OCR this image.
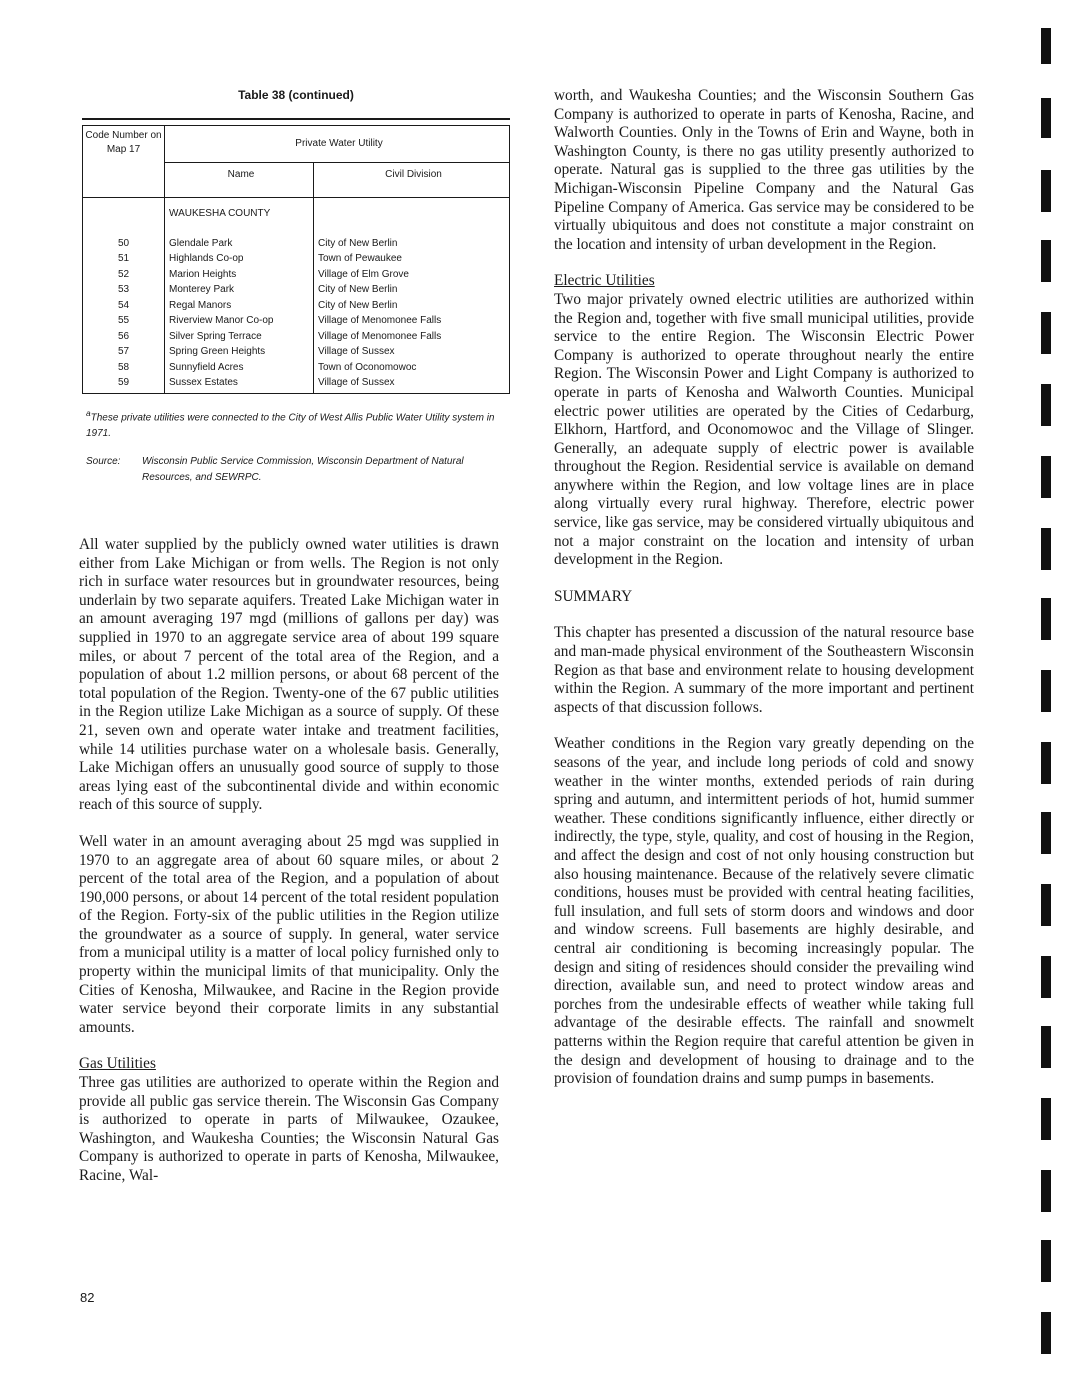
Table 38 (continued)
Code Number on Map 17	Private Water Utility	
	Name	Civil Division
	WAUKESHA COUNTY	
50	Glendale Park	City of New Berlin
51	Highlands Co-op	Town of Pewaukee
52	Marion Heights	Village of Elm Grove
53	Monterey Park	City of New Berlin
54	Regal Manors	City of New Berlin
55	Riverview Manor Co-op	Village of Menomonee Falls
56	Silver Spring Terrace	Village of Menomonee Falls
57	Spring Green Heights	Village of Sussex
58	Sunnyfield Acres	Town of Oconomowoc
59	Sussex Estates	Village of Sussex
$^a$These private utilities were connected to the City of West Allis Public Water Utility system in 1971.
Source:	Wisconsin Public Service Commission, Wisconsin Department of Natural Resources, and SEWRPC.

All water supplied by the publicly owned water utilities is drawn either from Lake Michigan or from wells. The Region is not only rich in surface water resources but in groundwater resources, being underlain by two separate aquifers. Treated Lake Michigan water in an amount averaging 197 mgd (millions of gallons per day) was supplied in 1970 to an aggregate service area of about 199 square miles, or about 7 percent of the total area of the Region, and a population of about 1.2 million persons, or about 68 percent of the total population of the Region. Twenty-one of the 67 public utilities in the Region utilize Lake Michigan as a source of supply. Of these 21, seven own and operate water intake and treatment facilities, while 14 utilities purchase water on a wholesale basis. Generally, Lake Michigan offers an unusually good source of supply to those areas lying east of the subcontinental divide and within economic reach of this source of supply.

Well water in an amount averaging about 25 mgd was supplied in 1970 to an aggregate area of about 60 square miles, or about 2 percent of the total area of the Region, and a population of about 190,000 persons, or about 14 percent of the total resident population of the Region. Forty-six of the public utilities in the Region utilize the groundwater as a source of supply. In general, water service from a municipal utility is a matter of local policy furnished only to property within the municipal limits of that municipality. Only the Cities of Kenosha, Milwaukee, and Racine in the Region provide water service beyond their corporate limits in any substantial amounts.

Gas Utilities

Three gas utilities are authorized to operate within the Region and provide all public gas service therein. The Wisconsin Gas Company is authorized to operate in parts of Milwaukee, Ozaukee, Washington, and Waukesha Counties; the Wisconsin Natural Gas Company is authorized to operate in parts of Kenosha, Milwaukee, Racine, Wal-

worth, and Waukesha Counties; and the Wisconsin Southern Gas Company is authorized to operate in parts of Kenosha, Racine, and Walworth Counties. Only in the Towns of Erin and Wayne, both in Washington County, is there no gas utility presently authorized to operate. Natural gas is supplied to the three gas utilities by the Michigan-Wisconsin Pipeline Company and the Natural Gas Pipeline Company of America. Gas service may be considered to be virtually ubiquitous and does not constitute a major constraint on the location and intensity of urban development in the Region.

Electric Utilities

Two major privately owned electric utilities are authorized within the Region and, together with five small municipal utilities, provide service to the entire Region. The Wisconsin Electric Power Company is authorized to operate throughout nearly the entire Region. The Wisconsin Power and Light Company is authorized to operate in parts of Kenosha and Walworth Counties. Municipal electric power utilities are operated by the Cities of Cedarburg, Elkhorn, Hartford, and Oconomowoc and the Village of Slinger. Generally, an adequate supply of electric power is available throughout the Region. Residential service is available on demand anywhere within the Region, and low voltage lines are in place along virtually every rural highway. Therefore, electric power service, like gas service, may be considered virtually ubiquitous and not a major constraint on the location and intensity of urban development in the Region.

SUMMARY

This chapter has presented a discussion of the natural resource base and man-made physical environment of the Southeastern Wisconsin Region as that base and environment relate to housing development within the Region. A summary of the more important and pertinent aspects of that discussion follows.

Weather conditions in the Region vary greatly depending on the seasons of the year, and include long periods of cold and snowy weather in the winter months, extended periods of rain during spring and autumn, and intermittent periods of hot, humid summer weather. These conditions significantly influence, either directly or indirectly, the type, style, quality, and cost of housing in the Region, and affect the design and cost of not only housing construction but also housing maintenance. Because of the relatively severe climatic conditions, houses must be provided with central heating facilities, full insulation, and full sets of storm doors and windows and door and window screens. Full basements are highly desirable, and central air conditioning is becoming increasingly popular. The design and siting of residences should consider the prevailing wind direction, available sun, and need to protect window areas and porches from the undesirable effects of weather while taking full advantage of the desirable effects. The rainfall and snowmelt patterns within the Region require that careful attention be given in the design and development of housing to drainage and to the provision of foundation drains and sump pumps in basements.

82
